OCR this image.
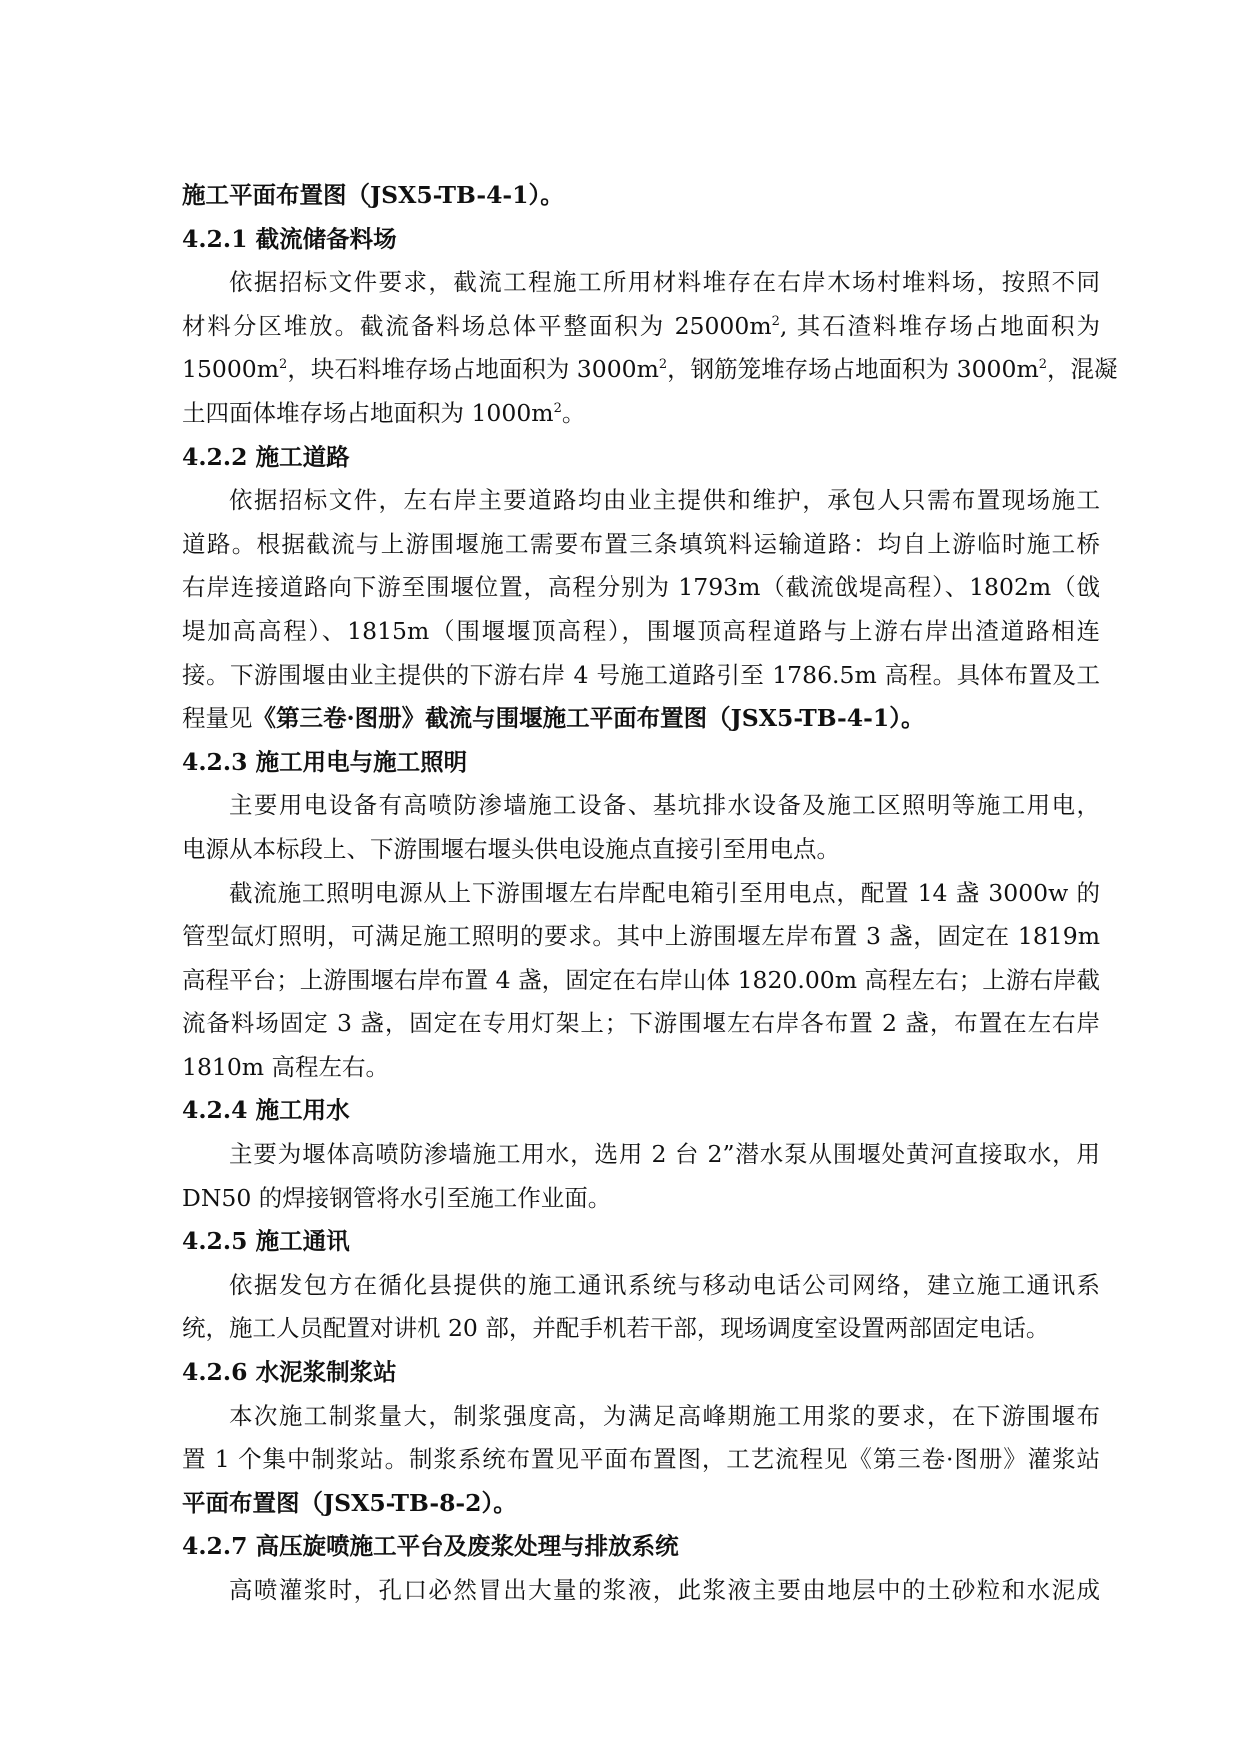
施工平面布置图（JSX5-TB-4-1）。
4.2.1 截流储备料场
依据招标文件要求，截流工程施工所用材料堆存在右岸木场村堆料场，按照不同
材料分区堆放。截流备料场总体平整面积为 $25000m^2$, 其石渣料堆存场占地面积为
$15000m^2$，块石料堆存场占地面积为 $3000m^2$，钢筋笼堆存场占地面积为 $3000m^2$，混凝
土四面体堆存场占地面积为 $1000m^2$。
4.2.2 施工道路
依据招标文件，左右岸主要道路均由业主提供和维护，承包人只需布置现场施工
道路。根据截流与上游围堰施工需要布置三条填筑料运输道路：均自上游临时施工桥
右岸连接道路向下游至围堰位置，高程分别为 1793m（截流戗堤高程）、1802m（戗
堤加高高程）、1815m（围堰堰顶高程），围堰顶高程道路与上游右岸出渣道路相连
接。下游围堰由业主提供的下游右岸 4 号施工道路引至 1786.5m 高程。具体布置及工
程量见《第三卷·图册》截流与围堰施工平面布置图（JSX5-TB-4-1）。
4.2.3 施工用电与施工照明
主要用电设备有高喷防渗墙施工设备、基坑排水设备及施工区照明等施工用电，
电源从本标段上、下游围堰右堰头供电设施点直接引至用电点。
截流施工照明电源从上下游围堰左右岸配电箱引至用电点，配置 14 盏 3000w 的
管型氙灯照明，可满足施工照明的要求。其中上游围堰左岸布置 3 盏，固定在 1819m
高程平台；上游围堰右岸布置 4 盏，固定在右岸山体 1820.00m 高程左右；上游右岸截
流备料场固定 3 盏，固定在专用灯架上；下游围堰左右岸各布置 2 盏，布置在左右岸
1810m 高程左右。
4.2.4 施工用水
主要为堰体高喷防渗墙施工用水，选用 2 台 2”潜水泵从围堰处黄河直接取水，用
DN50 的焊接钢管将水引至施工作业面。
4.2.5 施工通讯
依据发包方在循化县提供的施工通讯系统与移动电话公司网络，建立施工通讯系
统，施工人员配置对讲机 20 部，并配手机若干部，现场调度室设置两部固定电话。
4.2.6 水泥浆制浆站
本次施工制浆量大，制浆强度高，为满足高峰期施工用浆的要求，在下游围堰布
置 1 个集中制浆站。制浆系统布置见平面布置图，工艺流程见《第三卷·图册》灌浆站
平面布置图（JSX5-TB-8-2）。
4.2.7 高压旋喷施工平台及废浆处理与排放系统
高喷灌浆时，孔口必然冒出大量的浆液，此浆液主要由地层中的土砂粒和水泥成
